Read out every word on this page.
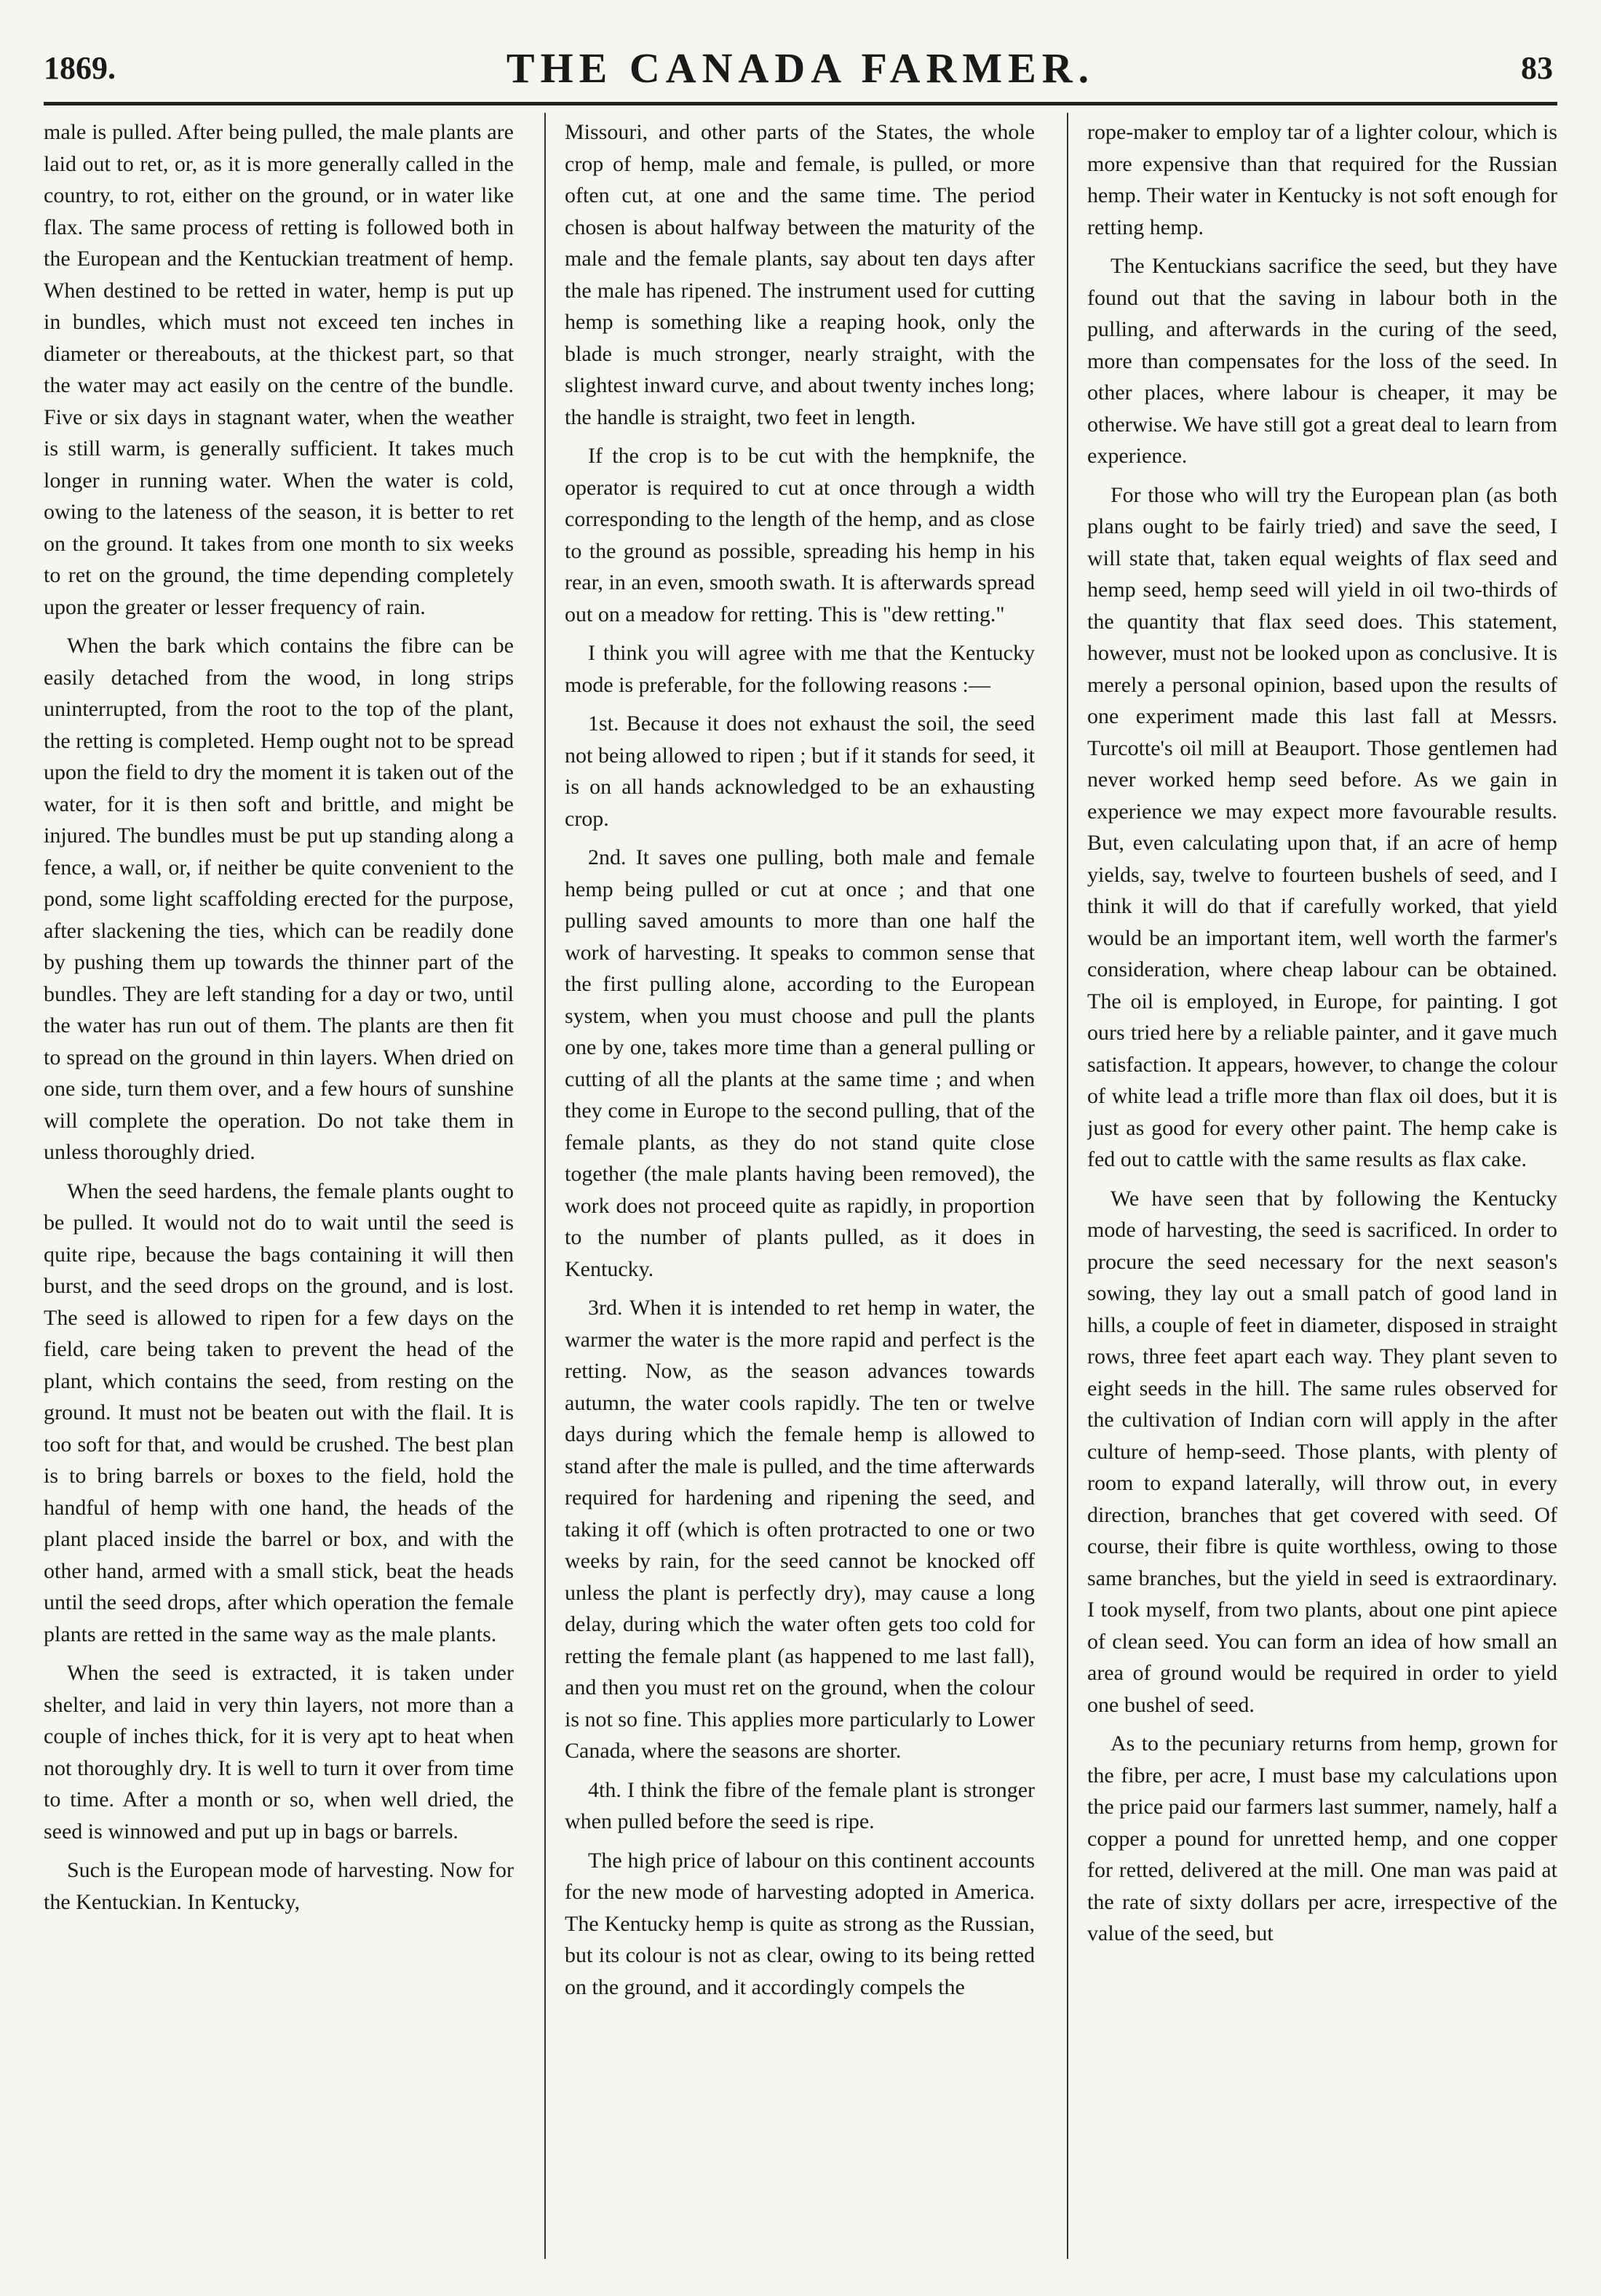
1869.	THE CANADA FARMER.	83

male is pulled. After being pulled, the male plants are laid out to ret, or, as it is more generally called in the country, to rot, either on the ground, or in water like flax. The same process of retting is followed both in the European and the Kentuckian treatment of hemp. When destined to be retted in water, hemp is put up in bundles, which must not exceed ten inches in diameter or thereabouts, at the thickest part, so that the water may act easily on the centre of the bundle. Five or six days in stagnant water, when the weather is still warm, is generally sufficient. It takes much longer in running water. When the water is cold, owing to the lateness of the season, it is better to ret on the ground. It takes from one month to six weeks to ret on the ground, the time depending completely upon the greater or lesser frequency of rain.

When the bark which contains the fibre can be easily detached from the wood, in long strips uninterrupted, from the root to the top of the plant, the retting is completed. Hemp ought not to be spread upon the field to dry the moment it is taken out of the water, for it is then soft and brittle, and might be injured. The bundles must be put up standing along a fence, a wall, or, if neither be quite convenient to the pond, some light scaffolding erected for the purpose, after slackening the ties, which can be readily done by pushing them up towards the thinner part of the bundles. They are left standing for a day or two, until the water has run out of them. The plants are then fit to spread on the ground in thin layers. When dried on one side, turn them over, and a few hours of sunshine will complete the operation. Do not take them in unless thoroughly dried.

When the seed hardens, the female plants ought to be pulled. It would not do to wait until the seed is quite ripe, because the bags containing it will then burst, and the seed drops on the ground, and is lost. The seed is allowed to ripen for a few days on the field, care being taken to prevent the head of the plant, which contains the seed, from resting on the ground. It must not be beaten out with the flail. It is too soft for that, and would be crushed. The best plan is to bring barrels or boxes to the field, hold the handful of hemp with one hand, the heads of the plant placed inside the barrel or box, and with the other hand, armed with a small stick, beat the heads until the seed drops, after which operation the female plants are retted in the same way as the male plants.

When the seed is extracted, it is taken under shelter, and laid in very thin layers, not more than a couple of inches thick, for it is very apt to heat when not thoroughly dry. It is well to turn it over from time to time. After a month or so, when well dried, the seed is winnowed and put up in bags or barrels.

Such is the European mode of harvesting. Now for the Kentuckian. In Kentucky,

Missouri, and other parts of the States, the whole crop of hemp, male and female, is pulled, or more often cut, at one and the same time. The period chosen is about halfway between the maturity of the male and the female plants, say about ten days after the male has ripened. The instrument used for cutting hemp is something like a reaping hook, only the blade is much stronger, nearly straight, with the slightest inward curve, and about twenty inches long; the handle is straight, two feet in length.

If the crop is to be cut with the hempknife, the operator is required to cut at once through a width corresponding to the length of the hemp, and as close to the ground as possible, spreading his hemp in his rear, in an even, smooth swath. It is afterwards spread out on a meadow for retting. This is "dew retting."

I think you will agree with me that the Kentucky mode is preferable, for the following reasons :—

1st. Because it does not exhaust the soil, the seed not being allowed to ripen ; but if it stands for seed, it is on all hands acknowledged to be an exhausting crop.

2nd. It saves one pulling, both male and female hemp being pulled or cut at once ; and that one pulling saved amounts to more than one half the work of harvesting. It speaks to common sense that the first pulling alone, according to the European system, when you must choose and pull the plants one by one, takes more time than a general pulling or cutting of all the plants at the same time ; and when they come in Europe to the second pulling, that of the female plants, as they do not stand quite close together (the male plants having been removed), the work does not proceed quite as rapidly, in proportion to the number of plants pulled, as it does in Kentucky.

3rd. When it is intended to ret hemp in water, the warmer the water is the more rapid and perfect is the retting. Now, as the season advances towards autumn, the water cools rapidly. The ten or twelve days during which the female hemp is allowed to stand after the male is pulled, and the time afterwards required for hardening and ripening the seed, and taking it off (which is often protracted to one or two weeks by rain, for the seed cannot be knocked off unless the plant is perfectly dry), may cause a long delay, during which the water often gets too cold for retting the female plant (as happened to me last fall), and then you must ret on the ground, when the colour is not so fine. This applies more particularly to Lower Canada, where the seasons are shorter.

4th. I think the fibre of the female plant is stronger when pulled before the seed is ripe.

The high price of labour on this continent accounts for the new mode of harvesting adopted in America. The Kentucky hemp is quite as strong as the Russian, but its colour is not as clear, owing to its being retted on the ground, and it accordingly compels the

rope-maker to employ tar of a lighter colour, which is more expensive than that required for the Russian hemp. Their water in Kentucky is not soft enough for retting hemp.

The Kentuckians sacrifice the seed, but they have found out that the saving in labour both in the pulling, and afterwards in the curing of the seed, more than compensates for the loss of the seed. In other places, where labour is cheaper, it may be otherwise. We have still got a great deal to learn from experience.

For those who will try the European plan (as both plans ought to be fairly tried) and save the seed, I will state that, taken equal weights of flax seed and hemp seed, hemp seed will yield in oil two-thirds of the quantity that flax seed does. This statement, however, must not be looked upon as conclusive. It is merely a personal opinion, based upon the results of one experiment made this last fall at Messrs. Turcotte's oil mill at Beauport. Those gentlemen had never worked hemp seed before. As we gain in experience we may expect more favourable results. But, even calculating upon that, if an acre of hemp yields, say, twelve to fourteen bushels of seed, and I think it will do that if carefully worked, that yield would be an important item, well worth the farmer's consideration, where cheap labour can be obtained. The oil is employed, in Europe, for painting. I got ours tried here by a reliable painter, and it gave much satisfaction. It appears, however, to change the colour of white lead a trifle more than flax oil does, but it is just as good for every other paint. The hemp cake is fed out to cattle with the same results as flax cake.

We have seen that by following the Kentucky mode of harvesting, the seed is sacrificed. In order to procure the seed necessary for the next season's sowing, they lay out a small patch of good land in hills, a couple of feet in diameter, disposed in straight rows, three feet apart each way. They plant seven to eight seeds in the hill. The same rules observed for the cultivation of Indian corn will apply in the after culture of hemp-seed. Those plants, with plenty of room to expand laterally, will throw out, in every direction, branches that get covered with seed. Of course, their fibre is quite worthless, owing to those same branches, but the yield in seed is extraordinary. I took myself, from two plants, about one pint apiece of clean seed. You can form an idea of how small an area of ground would be required in order to yield one bushel of seed.

As to the pecuniary returns from hemp, grown for the fibre, per acre, I must base my calculations upon the price paid our farmers last summer, namely, half a copper a pound for unretted hemp, and one copper for retted, delivered at the mill. One man was paid at the rate of sixty dollars per acre, irrespective of the value of the seed, but
